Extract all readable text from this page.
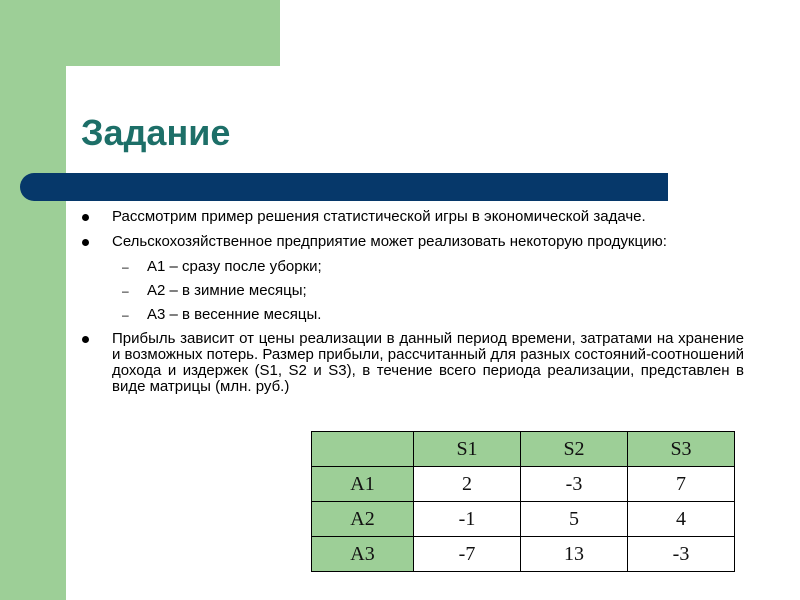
Задание
Рассмотрим пример решения статистической игры в экономической задаче.
Сельскохозяйственное предприятие может реализовать некоторую продукцию:
– А1 – сразу после уборки;
– А2 – в зимние месяцы;
– А3 – в весенние месяцы.
Прибыль зависит от цены реализации в данный период времени, затратами на хранение и возможных потерь. Размер прибыли, рассчитанный для разных состояний-соотношений дохода и издержек (S1, S2 и S3), в течение всего периода реализации, представлен в виде матрицы (млн. руб.)
	S1	S2	S3
A1	2	-3	7
A2	-1	5	4
A3	-7	13	-3
